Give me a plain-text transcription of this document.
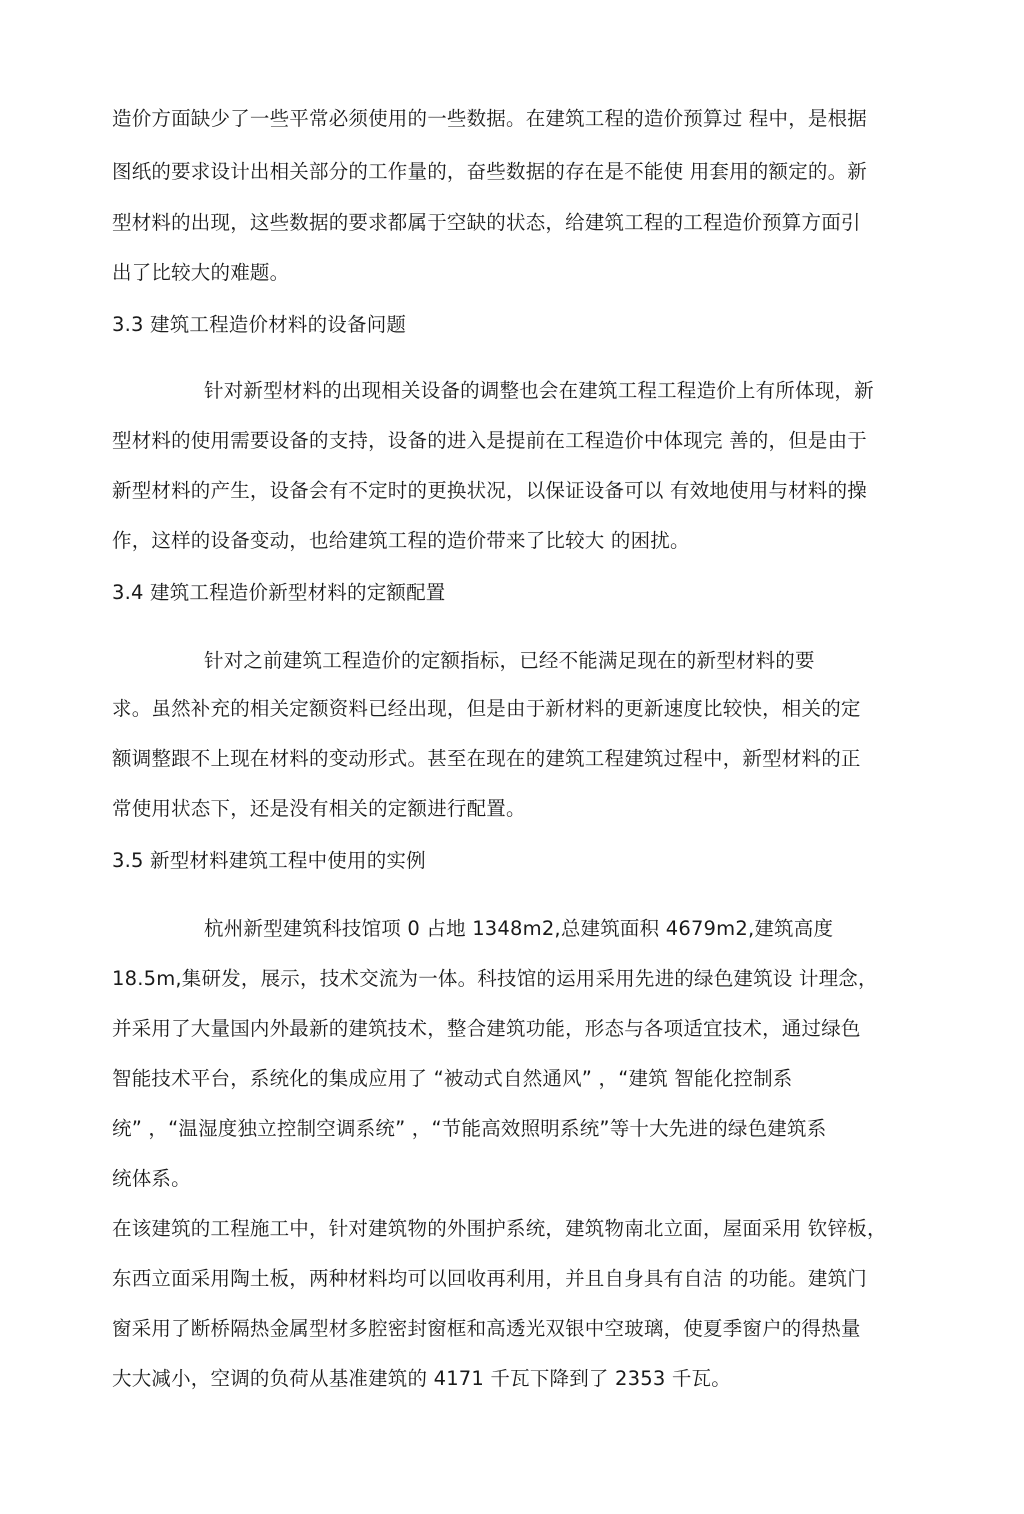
造价方面缺少了一些平常必须使用的一些数据。在建筑工程的造价预算过 程中，是根据
图纸的要求设计出相关部分的工作量的，奋些数据的存在是不能使 用套用的额定的。新
型材料的出现，这些数据的要求都属于空缺的状态，给建筑工程的工程造价预算方面引
出了比较大的难题。
3.3 建筑工程造价材料的设备问题
针对新型材料的出现相关设备的调整也会在建筑工程工程造价上有所体现，新
型材料的使用需要设备的支持，设备的进入是提前在工程造价中体现完 善的，但是由于
新型材料的产生，设备会有不定时的更换状况，以保证设备可以 有效地使用与材料的操
作，这样的设备变动，也给建筑工程的造价带来了比较大 的困扰。
3.4 建筑工程造价新型材料的定额配置
针对之前建筑工程造价的定额指标，已经不能满足现在的新型材料的要
求。虽然补充的相关定额资料已经出现，但是由于新材料的更新速度比较快，相关的定
额调整跟不上现在材料的变动形式。甚至在现在的建筑工程建筑过程中，新型材料的正
常使用状态下，还是没有相关的定额进行配置。
3.5 新型材料建筑工程中使用的实例
杭州新型建筑科技馆项 0 占地 1348m2,总建筑面积 4679m2,建筑高度
18.5m,集研发，展示，技术交流为一体。科技馆的运用采用先进的绿色建筑设 计理念，
并采用了大量国内外最新的建筑技术，整合建筑功能，形态与各项适宜技术，通过绿色
智能技术平台，系统化的集成应用了 “被动式自然通风” ，“建筑 智能化控制系
统” ，“温湿度独立控制空调系统” ，“节能高效照明系统”等十大先进的绿色建筑系
统体系。
在该建筑的工程施工中，针对建筑物的外围护系统，建筑物南北立面，屋面采用 钦锌板，
东西立面采用陶土板，两种材料均可以回收再利用，并且自身具有自洁 的功能。建筑门
窗采用了断桥隔热金属型材多腔密封窗框和高透光双银中空玻璃，使夏季窗户的得热量
大大减小，空调的负荷从基准建筑的 4171 千瓦下降到了 2353 千瓦。
